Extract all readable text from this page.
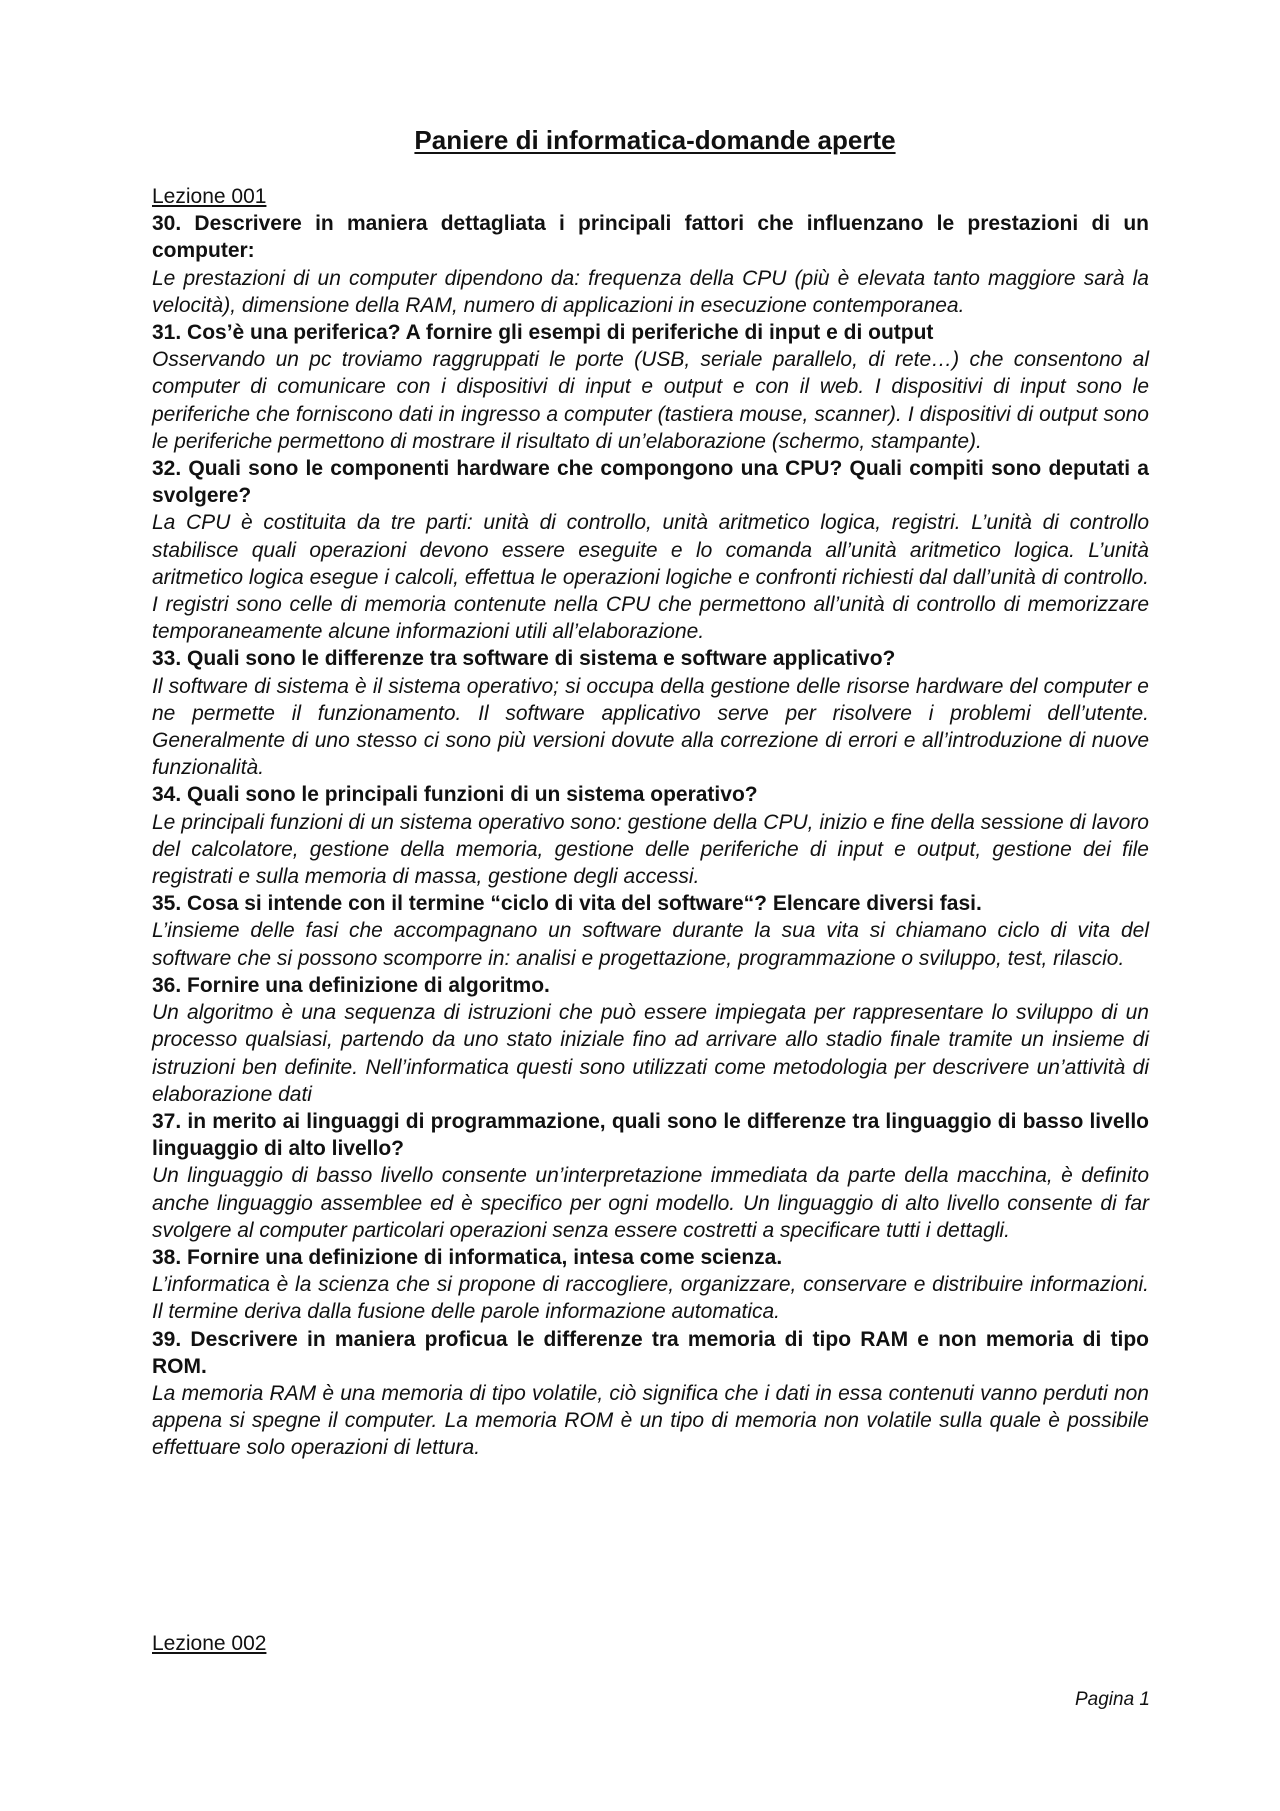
Paniere di informatica-domande aperte
Lezione 001
30. Descrivere in maniera dettagliata i principali fattori che influenzano le prestazioni di un computer:
Le prestazioni di un computer dipendono da: frequenza della CPU (più è elevata tanto maggiore sarà la velocità), dimensione della RAM, numero di applicazioni in esecuzione contemporanea.
31. Cos’è una periferica? A fornire gli esempi di periferiche di input e di output
Osservando un pc troviamo raggruppati le porte (USB, seriale parallelo, di rete…) che consentono al computer di comunicare con i dispositivi di input e output e con il web. I dispositivi di input sono le periferiche che forniscono dati in ingresso a computer (tastiera mouse, scanner). I dispositivi di output sono le periferiche permettono di mostrare il risultato di un’elaborazione (schermo, stampante).
32. Quali sono le componenti hardware che compongono una CPU? Quali compiti sono deputati a svolgere?
La CPU è costituita da tre parti: unità di controllo, unità aritmetico logica, registri. L’unità di controllo stabilisce quali operazioni devono essere eseguite e lo comanda all’unità aritmetico logica. L’unità aritmetico logica esegue i calcoli, effettua le operazioni logiche e confronti richiesti dal dall’unità di controllo. I registri sono celle di memoria contenute nella CPU che permettono all’unità di controllo di memorizzare temporaneamente alcune informazioni utili all’elaborazione.
33. Quali sono le differenze tra software di sistema e software applicativo?
Il software di sistema è il sistema operativo; si occupa della gestione delle risorse hardware del computer e ne permette il funzionamento. Il software applicativo serve per risolvere i problemi dell’utente. Generalmente di uno stesso ci sono più versioni dovute alla correzione di errori e all’introduzione di nuove funzionalità.
34. Quali sono le principali funzioni di un sistema operativo?
Le principali funzioni di un sistema operativo sono: gestione della CPU, inizio e fine della sessione di lavoro del calcolatore, gestione della memoria, gestione delle periferiche di input e output, gestione dei file registrati e sulla memoria di massa, gestione degli accessi.
35. Cosa si intende con il termine “ciclo di vita del software“? Elencare diversi fasi.
L’insieme delle fasi che accompagnano un software durante la sua vita si chiamano ciclo di vita del software che si possono scomporre in: analisi e progettazione, programmazione o sviluppo, test, rilascio.
36. Fornire una definizione di algoritmo.
Un algoritmo è una sequenza di istruzioni che può essere impiegata per rappresentare lo sviluppo di un processo qualsiasi, partendo da uno stato iniziale fino ad arrivare allo stadio finale tramite un insieme di istruzioni ben definite. Nell’informatica questi sono utilizzati come metodologia per descrivere un’attività di elaborazione dati
37. in merito ai linguaggi di programmazione, quali sono le differenze tra linguaggio di basso livello linguaggio di alto livello?
Un linguaggio di basso livello consente un’interpretazione immediata da parte della macchina, è definito anche linguaggio assemblee ed è specifico per ogni modello. Un linguaggio di alto livello consente di far svolgere al computer particolari operazioni senza essere costretti a specificare tutti i dettagli.
38. Fornire una definizione di informatica, intesa come scienza.
L’informatica è la scienza che si propone di raccogliere, organizzare, conservare e distribuire informazioni. Il termine deriva dalla fusione delle parole informazione automatica.
39. Descrivere in maniera proficua le differenze tra memoria di tipo RAM e non memoria di tipo ROM.
La memoria RAM è una memoria di tipo volatile, ciò significa che i dati in essa contenuti vanno perduti non appena si spegne il computer. La memoria ROM è un tipo di memoria non volatile sulla quale è possibile effettuare solo operazioni di lettura.
Lezione 002
Pagina 1
